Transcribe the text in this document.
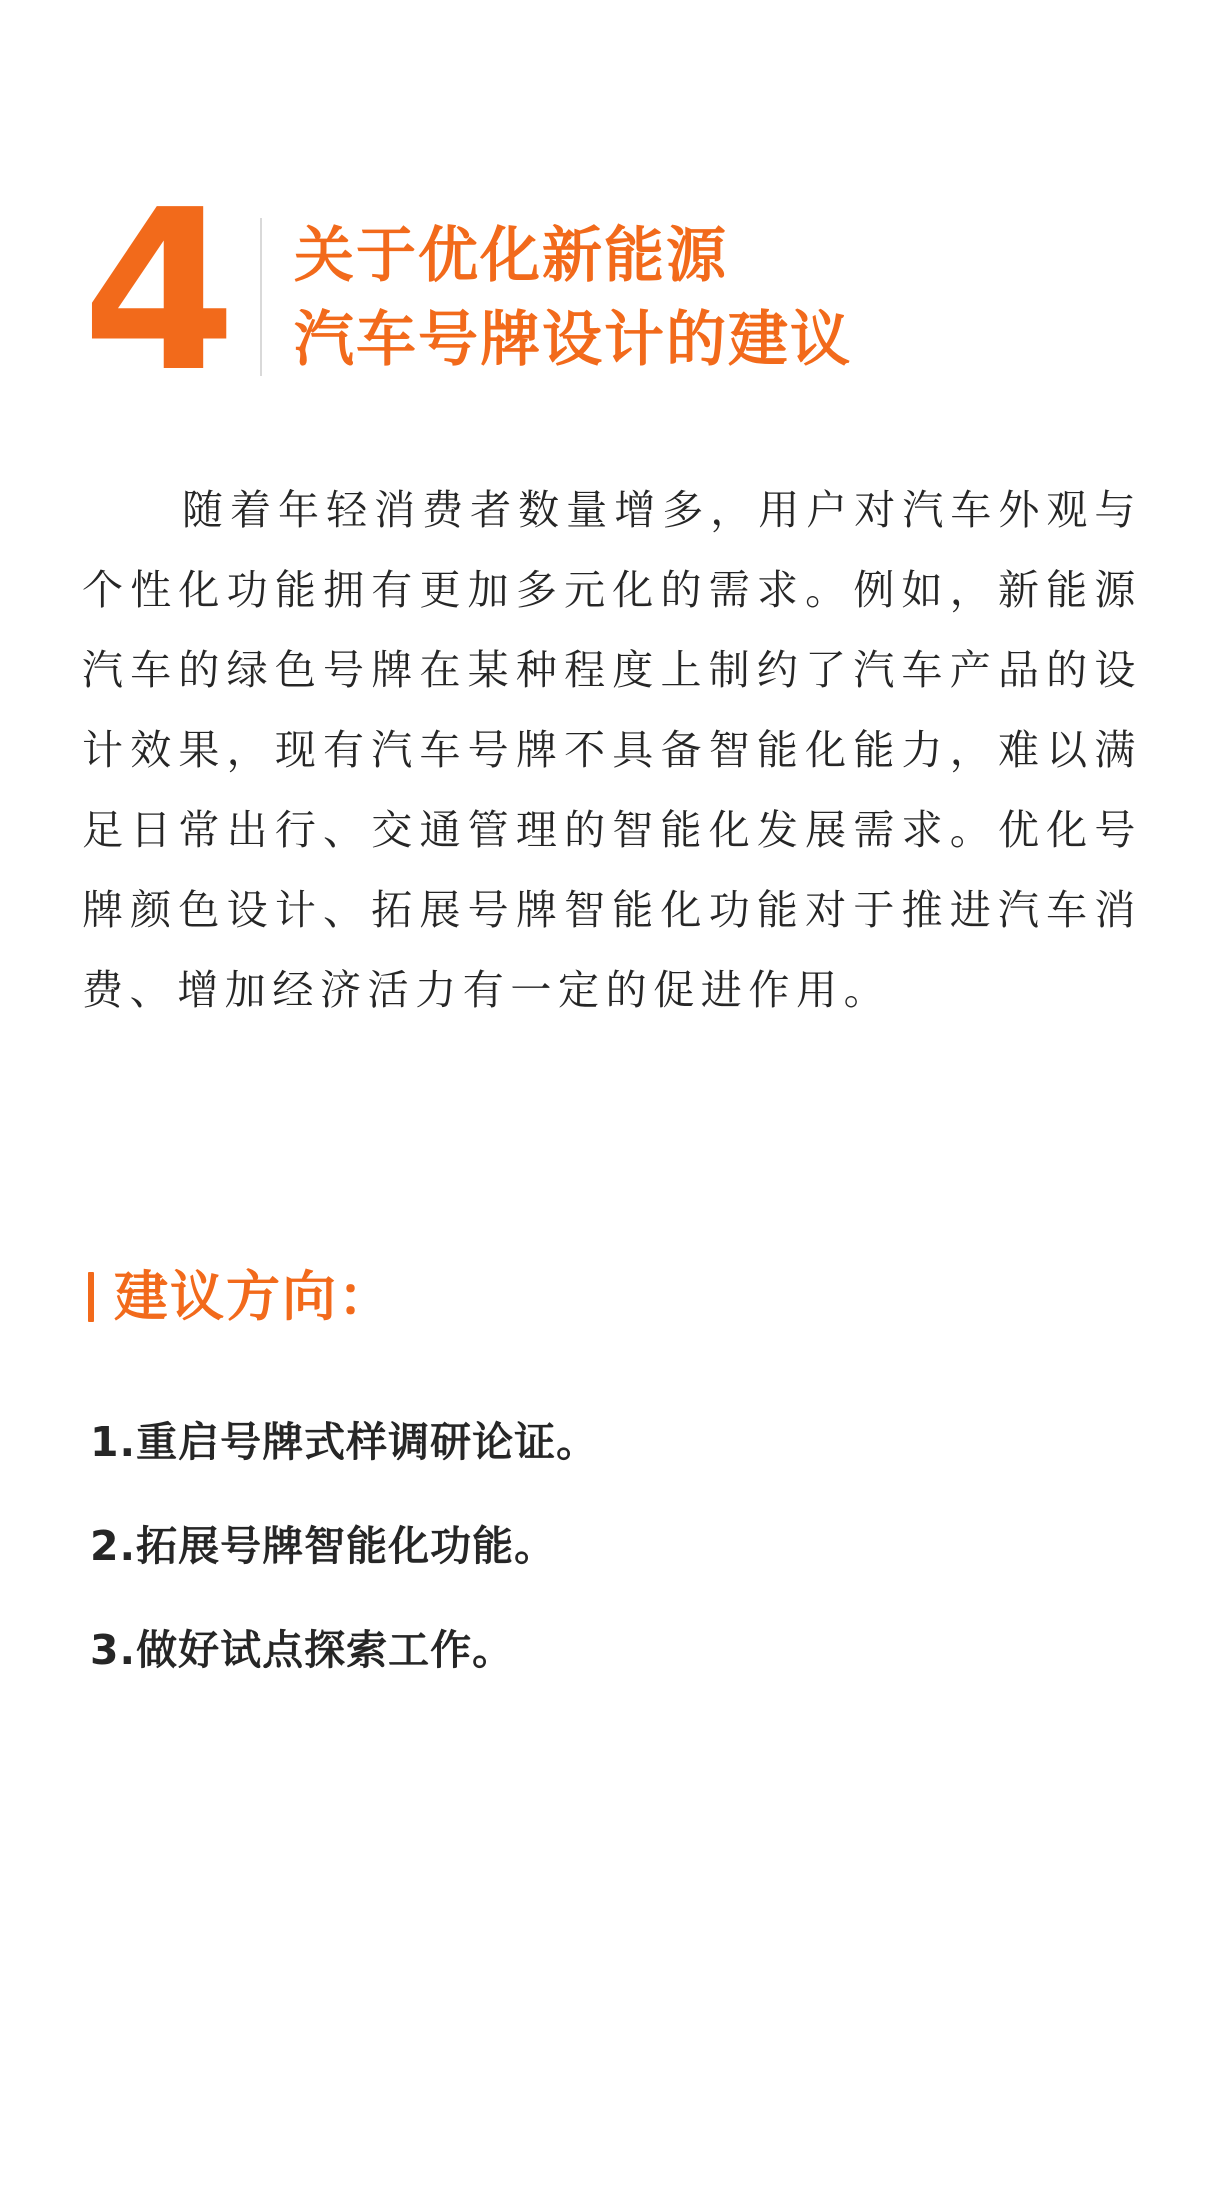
4 关于优化新能源
汽车号牌设计的建议

随着年轻消费者数量增多，用户对汽车外观与个性化功能拥有更加多元化的需求。例如，新能源汽车的绿色号牌在某种程度上制约了汽车产品的设计效果，现有汽车号牌不具备智能化能力，难以满足日常出行、交通管理的智能化发展需求。优化号牌颜色设计、拓展号牌智能化功能对于推进汽车消费、增加经济活力有一定的促进作用。

建议方向：
1.重启号牌式样调研论证。
2.拓展号牌智能化功能。
3.做好试点探索工作。
